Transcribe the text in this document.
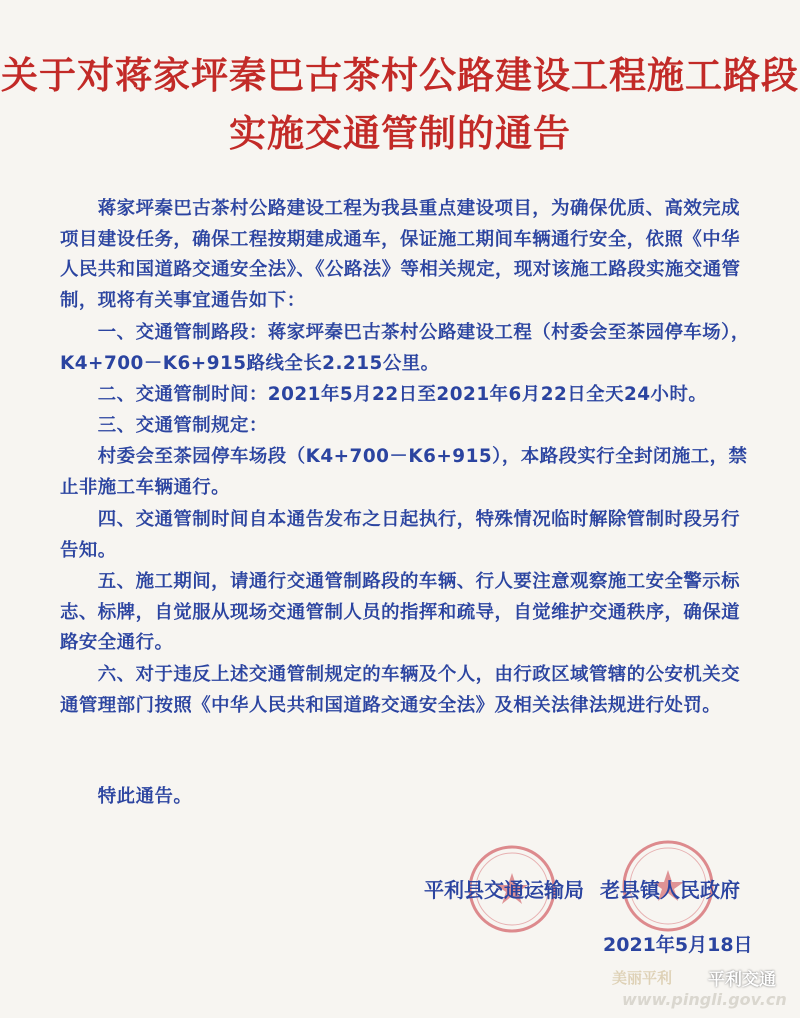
关于对蒋家坪秦巴古茶村公路建设工程施工路段
实施交通管制的通告
　　蒋家坪秦巴古茶村公路建设工程为我县重点建设项目，为确保优质、高效完成项目建设任务，确保工程按期建成通车，保证施工期间车辆通行安全，依照《中华人民共和国道路交通安全法》、《公路法》等相关规定，现对该施工路段实施交通管制，现将有关事宜通告如下：
　　一、交通管制路段：蒋家坪秦巴古茶村公路建设工程（村委会至茶园停车场），K4+700－K6+915路线全长2.215公里。
　　二、交通管制时间：2021年5月22日至2021年6月22日全天24小时。
　　三、交通管制规定：
　　村委会至茶园停车场段（K4+700－K6+915），本路段实行全封闭施工，禁止非施工车辆通行。
　　四、交通管制时间自本通告发布之日起执行，特殊情况临时解除管制时段另行告知。
　　五、施工期间，请通行交通管制路段的车辆、行人要注意观察施工安全警示标志、标牌，自觉服从现场交通管制人员的指挥和疏导，自觉维护交通秩序，确保道路安全通行。
　　六、对于违反上述交通管制规定的车辆及个人，由行政区域管辖的公安机关交通管理部门按照《中华人民共和国道路交通安全法》及相关法律法规进行处罚。
　　特此通告。
平利县交通运输局 老县镇人民政府
2021年5月18日
美丽平利 平利交通
www.pingli.gov.cn
